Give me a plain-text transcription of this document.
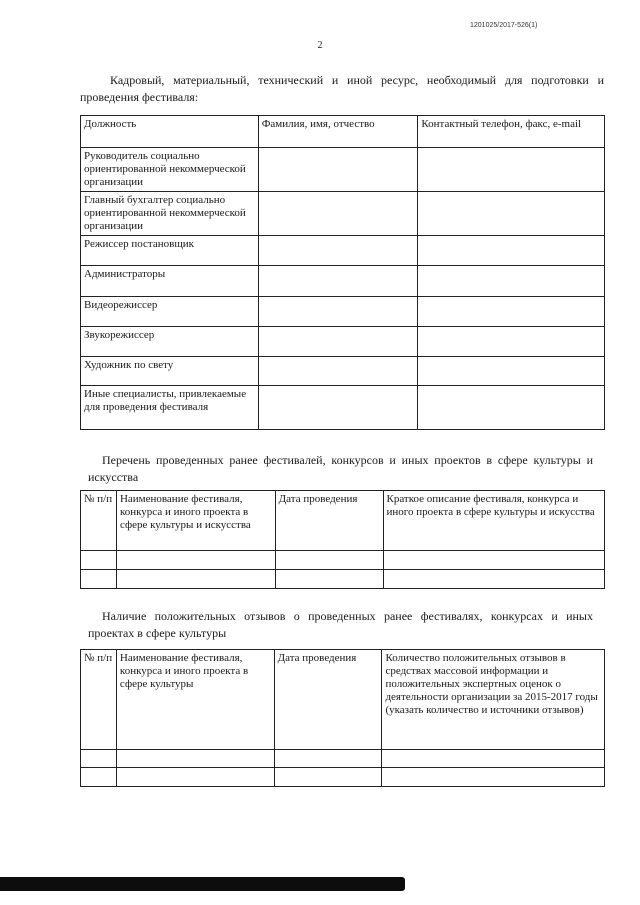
1201025/2017-526(1)
2
Кадровый, материальный, технический и иной ресурс, необходимый для подготовки и проведения фестиваля:
Должность	Фамилия, имя, отчество	Контактный телефон, факс, e-mail
Руководитель социально ориентированной некоммерческой организации		
Главный бухгалтер социально ориентированной некоммерческой организации		
Режиссер постановщик		
Администраторы		
Видеорежиссер		
Звукорежиссер		
Художник по свету		
Иные специалисты, привлекаемые для проведения фестиваля		
Перечень проведенных ранее фестивалей, конкурсов и иных проектов в сфере культуры и искусства
№ п/п	Наименование фестиваля, конкурса и иного проекта в сфере культуры и искусства	Дата проведения	Краткое описание фестиваля, конкурса и иного проекта в сфере культуры и искусства

Наличие положительных отзывов о проведенных ранее фестивалях, конкурсах и иных проектах в сфере культуры
№ п/п	Наименование фестиваля, конкурса и иного проекта в сфере культуры	Дата проведения	Количество положительных отзывов в средствах массовой информации и положительных экспертных оценок о деятельности организации за 2015-2017 годы (указать количество и источники отзывов)
